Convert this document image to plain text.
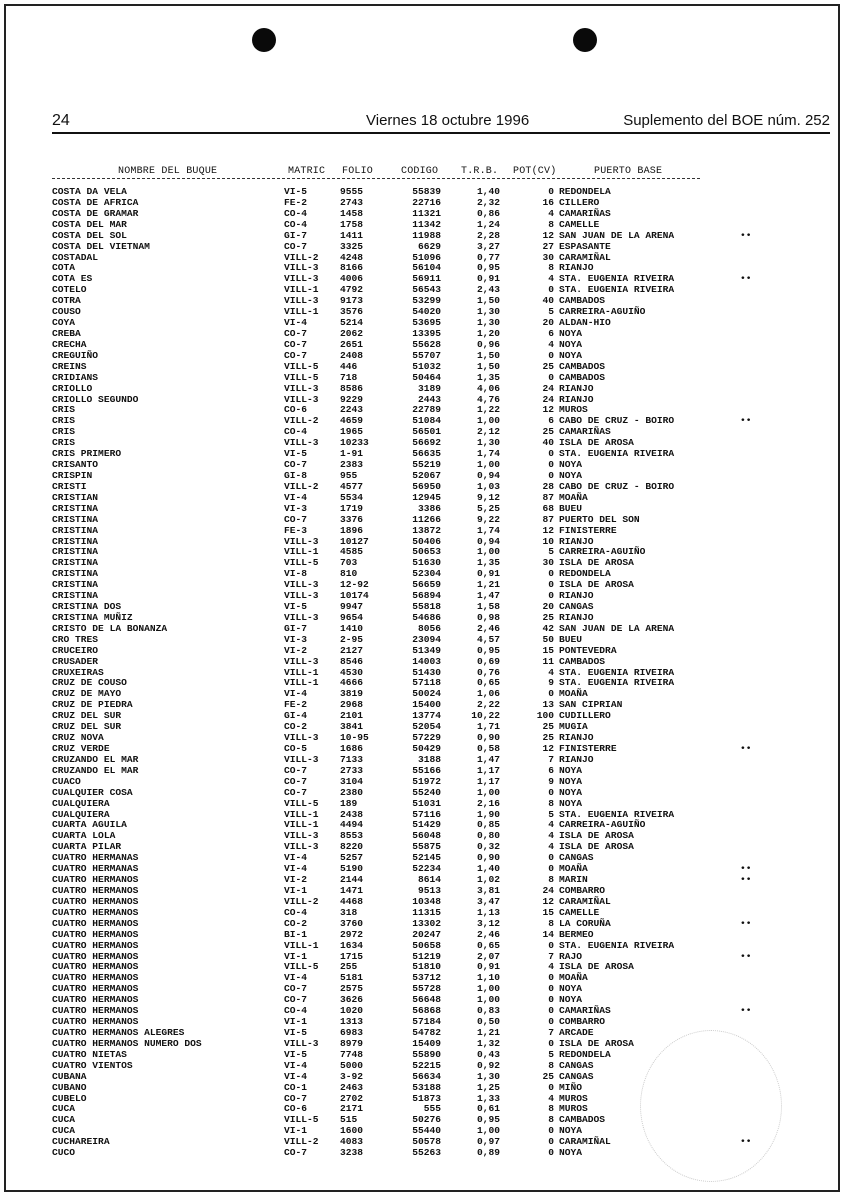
24	Viernes 18 octubre 1996	Suplemento del BOE núm. 252
NOMBRE DEL BUQUE	MATRIC FOLIO	CODIGO T.R.B. POT(CV)	PUERTO BASE
COSTA DA VELA	VI-5	9555	55839	1,40	0 REDONDELA
COSTA DE AFRICA	FE-2	2743	22716	2,32	16 CILLERO
COSTA DE GRAMAR	CO-4	1458	11321	0,86	4 CAMARIÑAS
COSTA DEL MAR	CO-4	1758	11342	1,24	8 CAMELLE
COSTA DEL SOL	GI-7	1411	11988	2,28	12 SAN JUAN DE LA ARENA	••
COSTA DEL VIETNAM	CO-7	3325	6629	3,27	27 ESPASANTE
COSTADAL	VILL-2 4248	51096	0,77	30 CARAMIÑAL
COTA	VILL-3 8166	56104	0,95	8 RIANJO
COTA ES	VILL-3 4006	56911	0,91	4 STA. EUGENIA RIVEIRA	••
COTELO	VILL-1 4792	56543	2,43	0 STA. EUGENIA RIVEIRA
COTRA	VILL-3 9173	53299	1,50	40 CAMBADOS
COUSO	VILL-1 3576	54020	1,30	5 CARREIRA-AGUIÑO
COYA	VI-4	5214	53695	1,30	20 ALDAN-HIO
CREBA	CO-7	2062	13395	1,20	6 NOYA
CRECHA	CO-7	2651	55628	0,96	4 NOYA
CREGUIÑO	CO-7	2408	55707	1,50	0 NOYA
CREINS	VILL-5 446	51032	1,50	25 CAMBADOS
CRIDIANS	VILL-5 718	50464	1,35	0 CAMBADOS
CRIOLLO	VILL-3 8586	3189	4,06	24 RIANJO
CRIOLLO SEGUNDO	VILL-3 9229	2443	4,76	24 RIANJO
CRIS	CO-6	2243	22789	1,22	12 MUROS
CRIS	VILL-2 4659	51084	1,00	6 CABO DE CRUZ - BOIRO	••
CRIS	CO-4	1965	56501	2,12	25 CAMARIÑAS
CRIS	VILL-3 10233	56692	1,30	40 ISLA DE AROSA
CRIS PRIMERO	VI-5	1-91	56635	1,74	0 STA. EUGENIA RIVEIRA
CRISANTO	CO-7	2383	55219	1,00	0 NOYA
CRISPIN	GI-8	955	52067	0,94	0 NOYA
CRISTI	VILL-2 4577	56950	1,03	28 CABO DE CRUZ - BOIRO
CRISTIAN	VI-4	5534	12945	9,12	87 MOAÑA
CRISTINA	VI-3	1719	3386	5,25	68 BUEU
CRISTINA	CO-7	3376	11266	9,22	87 PUERTO DEL SON
CRISTINA	FE-3	1896	13872	1,74	12 FINISTERRE
CRISTINA	VILL-3 10127	50406	0,94	10 RIANJO
CRISTINA	VILL-1 4585	50653	1,00	5 CARREIRA-AGUIÑO
CRISTINA	VILL-5 703	51630	1,35	30 ISLA DE AROSA
CRISTINA	VI-8	810	52304	0,91	0 REDONDELA
CRISTINA	VILL-3 12-92	56659	1,21	0 ISLA DE AROSA
CRISTINA	VILL-3 10174	56894	1,47	0 RIANJO
CRISTINA DOS	VI-5	9947	55818	1,58	20 CANGAS
CRISTINA MUÑIZ	VILL-3 9654	54686	0,98	25 RIANJO
CRISTO DE LA BONANZA	GI-7	1410	8056	2,46	42 SAN JUAN DE LA ARENA
CRO TRES	VI-3	2-95	23094	4,57	50 BUEU
CRUCEIRO	VI-2	2127	51349	0,95	15 PONTEVEDRA
CRUSADER	VILL-3 8546	14003	0,69	11 CAMBADOS
CRUXEIRAS	VILL-1 4530	51430	0,76	4 STA. EUGENIA RIVEIRA
CRUZ DE COUSO	VILL-1 4666	57118	0,65	9 STA. EUGENIA RIVEIRA
CRUZ DE MAYO	VI-4	3819	50024	1,06	0 MOAÑA
CRUZ DE PIEDRA	FE-2	2968	15400	2,22	13 SAN CIPRIAN
CRUZ DEL SUR	GI-4	2101	13774	10,22	100 CUDILLERO
CRUZ DEL SUR	CO-2	3841	52054	1,71	25 MUGIA
CRUZ NOVA	VILL-3 10-95	57229	0,90	25 RIANJO
CRUZ VERDE	CO-5	1686	50429	0,58	12 FINISTERRE	••
CRUZANDO EL MAR	VILL-3 7133	3188	1,47	7 RIANJO
CRUZANDO EL MAR	CO-7	2733	55166	1,17	6 NOYA
CUACO	CO-7	3104	51972	1,17	9 NOYA
CUALQUIER COSA	CO-7	2380	55240	1,00	0 NOYA
CUALQUIERA	VILL-5 189	51031	2,16	8 NOYA
CUALQUIERA	VILL-1 2438	57116	1,90	5 STA. EUGENIA RIVEIRA
CUARTA AGUILA	VILL-1 4494	51429	0,85	4 CARREIRA-AGUIÑO
CUARTA LOLA	VILL-3 8553	56048	0,80	4 ISLA DE AROSA
CUARTA PILAR	VILL-3 8220	55875	0,32	4 ISLA DE AROSA
CUATRO HERMANAS	VI-4	5257	52145	0,90	0 CANGAS
CUATRO HERMANAS	VI-4	5190	52234	1,40	0 MOAÑA	••
CUATRO HERMANOS	VI-2	2144	8614	1,02	8 MARIN	••
CUATRO HERMANOS	VI-1	1471	9513	3,81	24 COMBARRO
CUATRO HERMANOS	VILL-2 4468	10348	3,47	12 CARAMIÑAL
CUATRO HERMANOS	CO-4	318	11315	1,13	15 CAMELLE
CUATRO HERMANOS	CO-2	3760	13302	3,12	8 LA CORUÑA	••
CUATRO HERMANOS	BI-1	2972	20247	2,46	14 BERMEO
CUATRO HERMANOS	VILL-1 1634	50658	0,65	0 STA. EUGENIA RIVEIRA
CUATRO HERMANOS	VI-1	1715	51219	2,07	7 RAJO	••
CUATRO HERMANOS	VILL-5 255	51810	0,91	4 ISLA DE AROSA
CUATRO HERMANOS	VI-4	5181	53712	1,10	0 MOAÑA
CUATRO HERMANOS	CO-7	2575	55728	1,00	0 NOYA
CUATRO HERMANOS	CO-7	3626	56648	1,00	0 NOYA
CUATRO HERMANOS	CO-4	1020	56868	0,83	0 CAMARIÑAS	••
CUATRO HERMANOS	VI-1	1313	57184	0,50	0 COMBARRO
CUATRO HERMANOS ALEGRES	VI-5	6983	54782	1,21	7 ARCADE
CUATRO HERMANOS NUMERO DOS	VILL-3 8979	15409	1,32	0 ISLA DE AROSA
CUATRO NIETAS	VI-5	7748	55890	0,43	5 REDONDELA
CUATRO VIENTOS	VI-4	5000	52215	0,92	8 CANGAS
CUBANA	VI-4	3-92	56634	1,30	25 CANGAS
CUBANO	CO-1	2463	53188	1,25	0 MIÑO
CUBELO	CO-7	2702	51873	1,33	4 MUROS
CUCA	CO-6	2171	555	0,61	8 MUROS
CUCA	VILL-5 515	50276	0,95	8 CAMBADOS
CUCA	VI-1	1600	55440	1,00	0 NOYA
CUCHAREIRA	VILL-2 4083	50578	0,97	0 CARAMIÑAL	••
CUCO	CO-7	3238	55263	0,89	0 NOYA
